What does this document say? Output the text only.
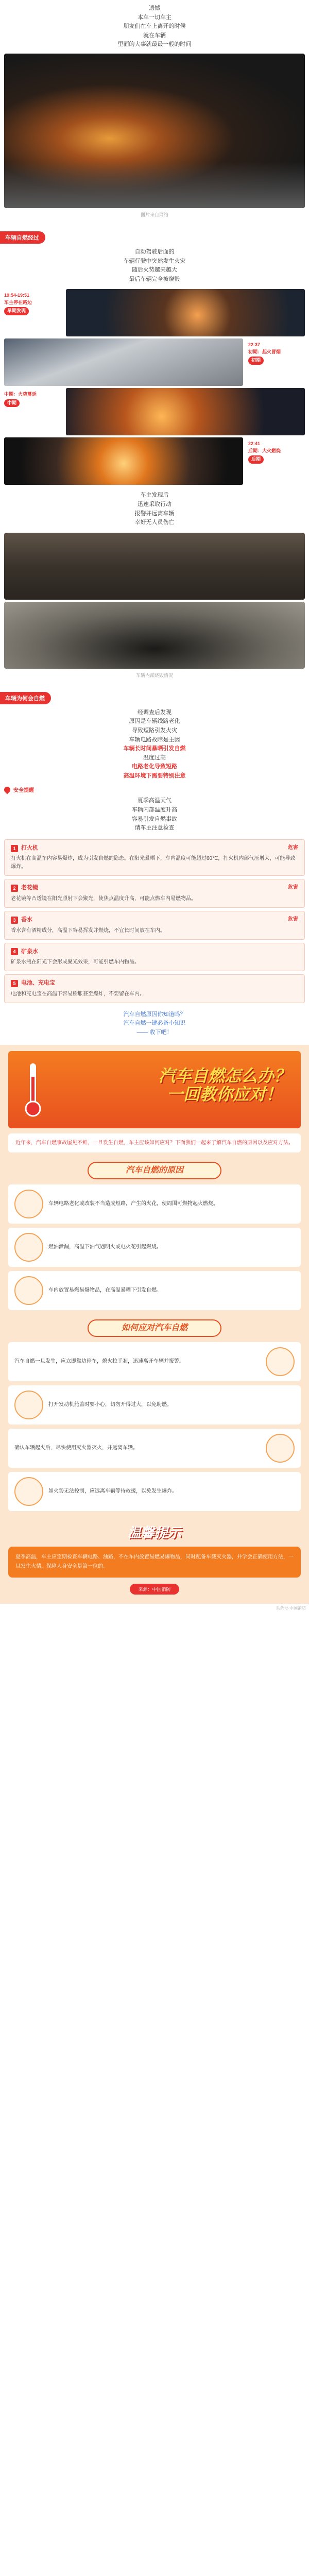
遗憾

本车一切车主

朋友们在车上离开的时候

就在车辆

里面的大事就最最一般的时间

图片来自网络
车辆自燃经过

自动驾驶后面的

车辆行驶中突然发生火灾

随后火势越来越大

最后车辆完全被烧毁

19:54-19:51
车主停在路边
早期发现
22:37
初期：起火冒烟
初期
中期：火势蔓延
中期
22:41
后期：大火燃烧
后期

车主发现后

迅速采取行动

报警并远离车辆

幸好无人员伤亡

车辆内部烧毁情况
车辆为何会自燃

经调查后发现

原因是车辆线路老化

导致短路引发火灾

车辆电路故障是主因

车辆长时间暴晒引发自燃

温度过高

电路老化导致短路

高温环境下需要特别注意

安全提醒

夏季高温天气

车辆内部温度升高

容易引发自燃事故

请车主注意检查

1 打火机	危害
打火机在高温车内容易爆炸，成为引发自燃的隐患。在阳光暴晒下，车内温度可能超过60℃，打火机内部气压增大，可能导致爆炸。
2 老花镜	危害
老花镜等凸透镜在阳光照射下会聚光，使焦点温度升高，可能点燃车内易燃物品。
3 香水	危害
香水含有酒精成分，高温下容易挥发并燃烧，不宜长时间放在车内。
4 矿泉水
矿泉水瓶在阳光下会形成聚光效果，可能引燃车内物品。
5 电池、充电宝
电池和充电宝在高温下容易膨胀甚至爆炸，不要留在车内。

汽车自燃原因你知道吗？

汽车自燃一键必备小知识

—— 收下吧！

汽车自燃怎么办？
一回教你应对！
近年来，汽车自燃事故屡见不鲜，一旦发生自燃，车主应该如何应对？下面我们一起来了解汽车自燃的原因以及应对方法。
汽车自燃的原因
车辆电路老化或改装不当造成短路，产生的火花，使周围可燃物起火燃烧。
燃油泄漏，高温下油气遇明火或电火花引起燃烧。
车内放置易燃易爆物品，在高温暴晒下引发自燃。
如何应对汽车自燃
汽车自燃一旦发生，应立即靠边停车，熄火拉手刹，迅速离开车辆并报警。
打开发动机舱盖时要小心，切勿开得过大，以免助燃。
确认车辆起火后，尽快使用灭火器灭火，并远离车辆。
如火势无法控制，应远离车辆等待救援，以免发生爆炸。
温馨提示
夏季高温，车主应定期检查车辆电路、油路，不在车内放置易燃易爆物品，同时配备车载灭火器，并学会正确使用方法，一旦发生火情，保障人身安全是第一位的。
来源：中国消防
头条号·中国消防
